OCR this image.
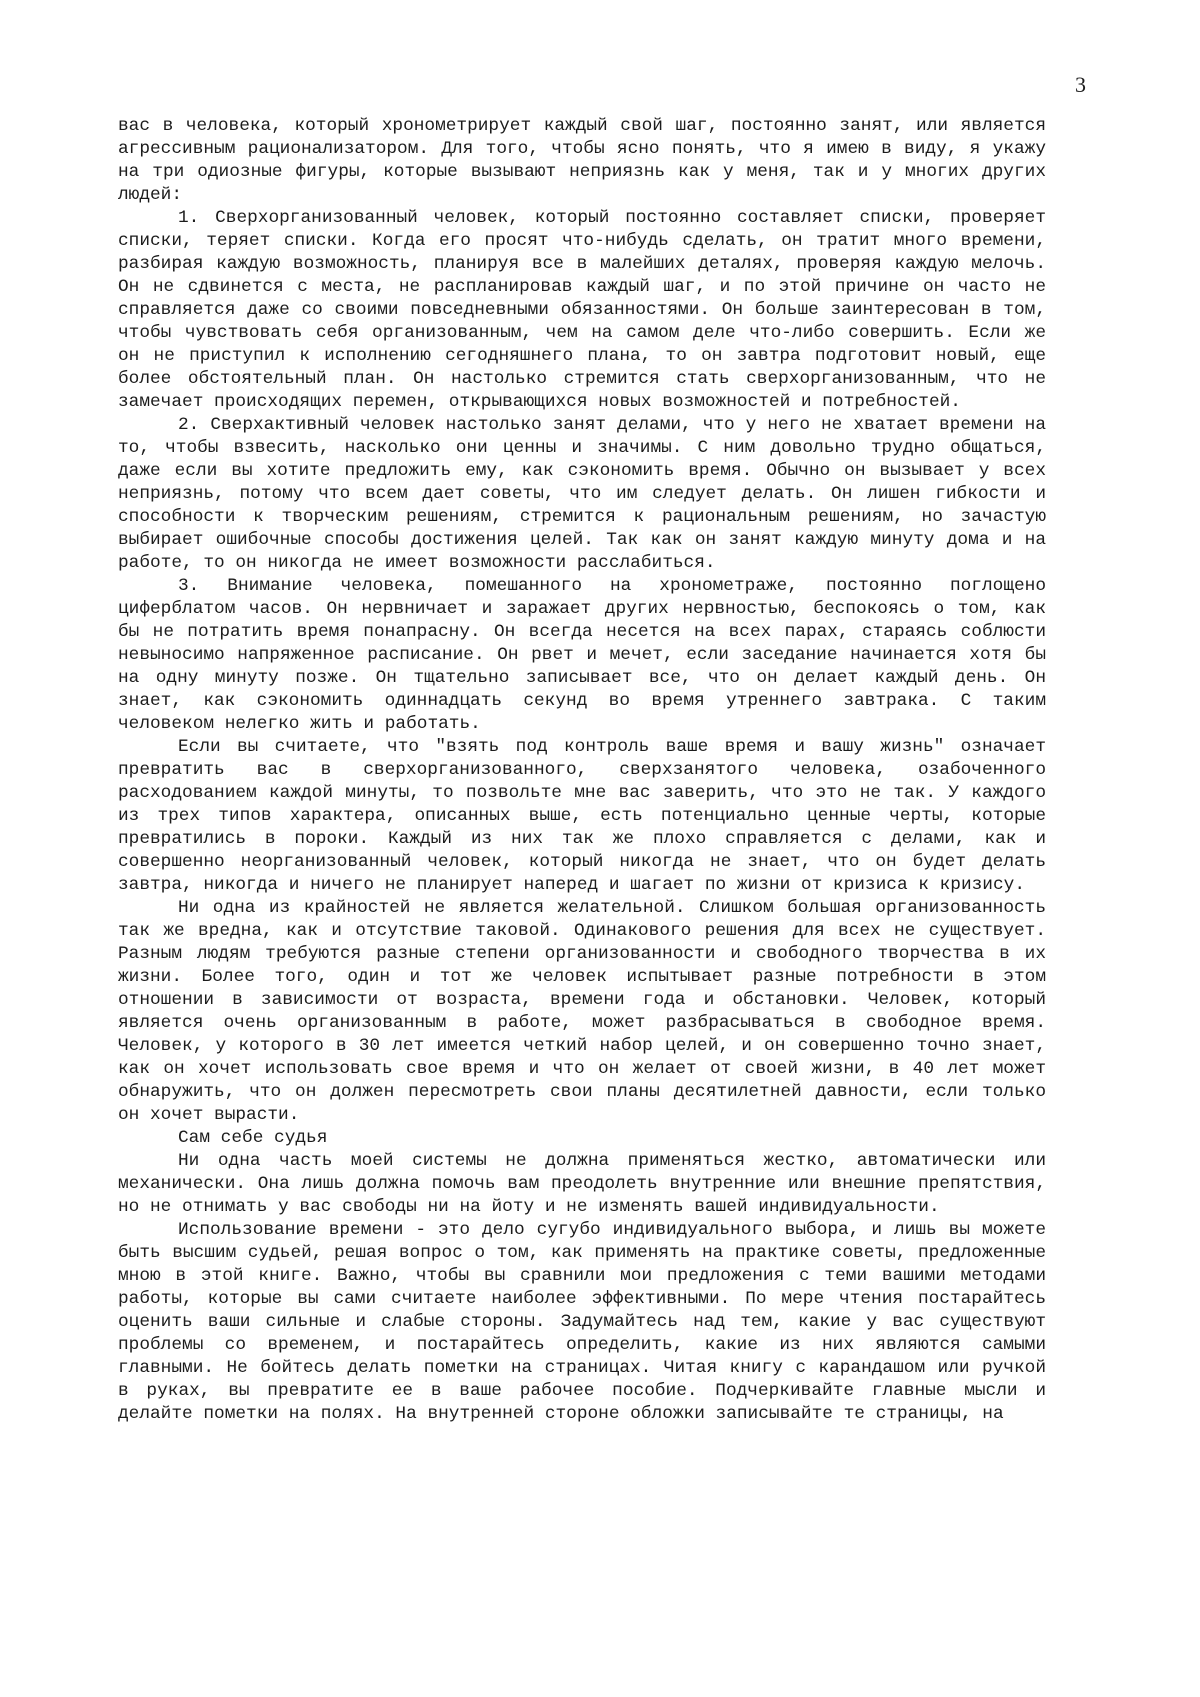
3

вас в человека, который хронометрирует каждый свой шаг, постоянно занят, или является агрессивным рационализатором. Для того, чтобы ясно понять, что я имею в виду, я укажу на три одиозные фигуры, которые вызывают неприязнь как у меня, так и у многих других людей:

1. Сверхорганизованный человек, который постоянно составляет списки, проверяет списки, теряет списки. Когда его просят что-нибудь сделать, он тратит много времени, разбирая каждую возможность, планируя все в малейших деталях, проверяя каждую мелочь. Он не сдвинется с места, не распланировав каждый шаг, и по этой причине он часто не справляется даже со своими повседневными обязанностями. Он больше заинтересован в том, чтобы чувствовать себя организованным, чем на самом деле что-либо совершить. Если же он не приступил к исполнению сегодняшнего плана, то он завтра подготовит новый, еще более обстоятельный план. Он настолько стремится стать сверхорганизованным, что не замечает происходящих перемен, открывающихся новых возможностей и потребностей.

2. Сверхактивный человек настолько занят делами, что у него не хватает времени на то, чтобы взвесить, насколько они ценны и значимы. С ним довольно трудно общаться, даже если вы хотите предложить ему, как сэкономить время. Обычно он вызывает у всех неприязнь, потому что всем дает советы, что им следует делать. Он лишен гибкости и способности к творческим решениям, стремится к рациональным решениям, но зачастую выбирает ошибочные способы достижения целей. Так как он занят каждую минуту дома и на работе, то он никогда не имеет возможности расслабиться.

3. Внимание человека, помешанного на хронометраже, постоянно поглощено циферблатом часов. Он нервничает и заражает других нервностью, беспокоясь о том, как бы не потратить время понапрасну. Он всегда несется на всех парах, стараясь соблюсти невыносимо напряженное расписание. Он рвет и мечет, если заседание начинается хотя бы на одну минуту позже. Он тщательно записывает все, что он делает каждый день. Он знает, как сэкономить одиннадцать секунд во время утреннего завтрака. С таким человеком нелегко жить и работать.

Если вы считаете, что "взять под контроль ваше время и вашу жизнь" означает превратить вас в сверхорганизованного, сверхзанятого человека, озабоченного расходованием каждой минуты, то позвольте мне вас заверить, что это не так. У каждого из трех типов характера, описанных выше, есть потенциально ценные черты, которые превратились в пороки. Каждый из них так же плохо справляется с делами, как и совершенно неорганизованный человек, который никогда не знает, что он будет делать завтра, никогда и ничего не планирует наперед и шагает по жизни от кризиса к кризису.

Ни одна из крайностей не является желательной. Слишком большая организованность так же вредна, как и отсутствие таковой. Одинакового решения для всех не существует. Разным людям требуются разные степени организованности и свободного творчества в их жизни. Более того, один и тот же человек испытывает разные потребности в этом отношении в зависимости от возраста, времени года и обстановки. Человек, который является очень организованным в работе, может разбрасываться в свободное время. Человек, у которого в 30 лет имеется четкий набор целей, и он совершенно точно знает, как он хочет использовать свое время и что он желает от своей жизни, в 40 лет может обнаружить, что он должен пересмотреть свои планы десятилетней давности, если только он хочет вырасти.

Сам себе судья

Ни одна часть моей системы не должна применяться жестко, автоматически или механически. Она лишь должна помочь вам преодолеть внутренние или внешние препятствия, но не отнимать у вас свободы ни на йоту и не изменять вашей индивидуальности.

Использование времени - это дело сугубо индивидуального выбора, и лишь вы можете быть высшим судьей, решая вопрос о том, как применять на практике советы, предложенные мною в этой книге. Важно, чтобы вы сравнили мои предложения с теми вашими методами работы, которые вы сами считаете наиболее эффективными. По мере чтения постарайтесь оценить ваши сильные и слабые стороны. Задумайтесь над тем, какие у вас существуют проблемы со временем, и постарайтесь определить, какие из них являются самыми главными. Не бойтесь делать пометки на страницах. Читая книгу с карандашом или ручкой в руках, вы превратите ее в ваше рабочее пособие. Подчеркивайте главные мысли и делайте пометки на полях. На внутренней стороне обложки записывайте те страницы, на
